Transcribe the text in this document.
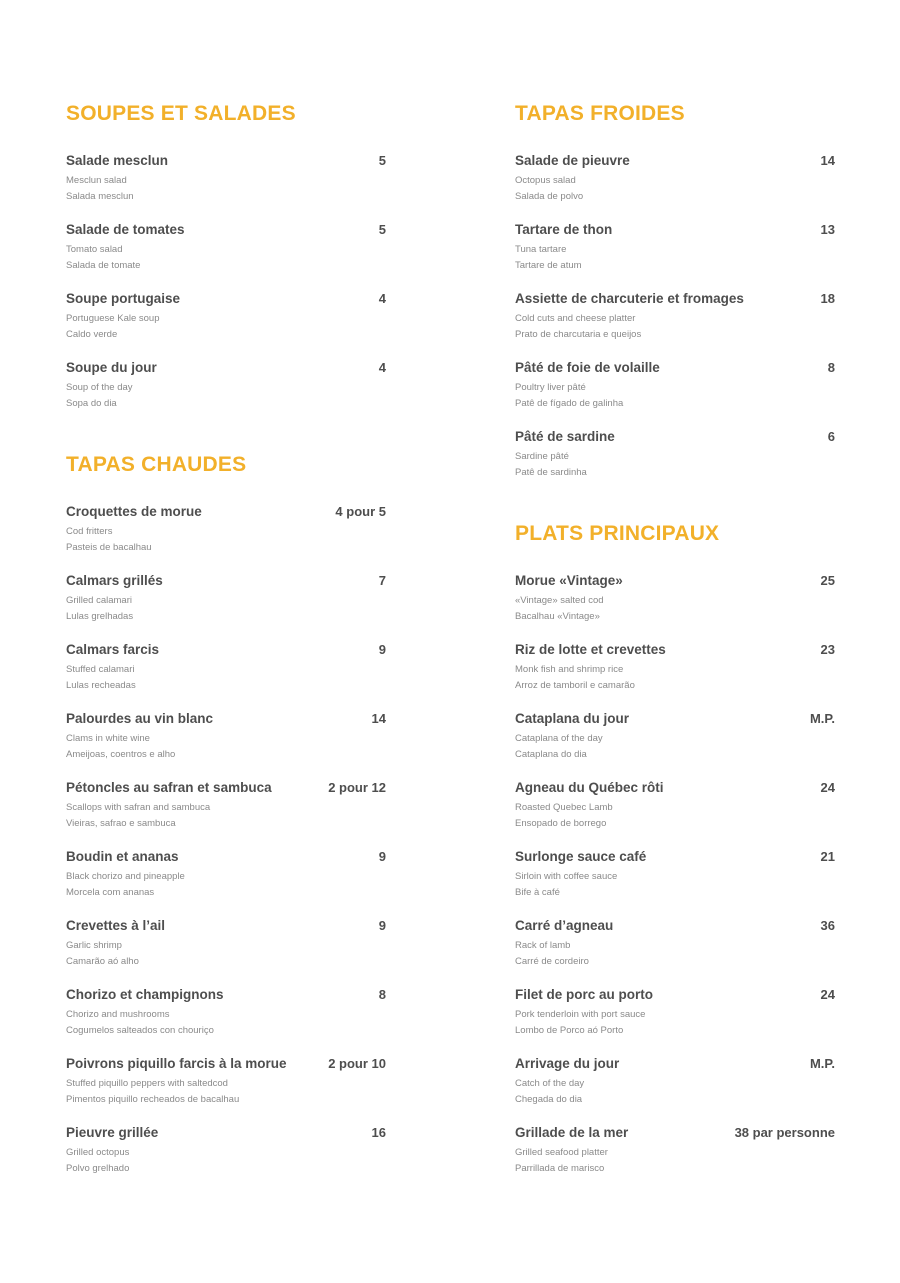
SOUPES ET SALADES
Salade mesclun	5
Mesclun salad
Salada mesclun
Salade de tomates	5
Tomato salad
Salada de tomate
Soupe portugaise	4
Portuguese Kale soup
Caldo verde
Soupe du jour	4
Soup of the day
Sopa do dia
TAPAS CHAUDES
Croquettes de morue	4 pour 5
Cod fritters
Pasteis de bacalhau
Calmars grillés	7
Grilled calamari
Lulas grelhadas
Calmars farcis	9
Stuffed calamari
Lulas recheadas
Palourdes au vin blanc	14
Clams in white wine
Ameijoas, coentros e alho
Pétoncles au safran et sambuca	2 pour 12
Scallops with safran and sambuca
Vieiras, safrao e sambuca
Boudin et ananas	9
Black chorizo and pineapple
Morcela com ananas
Crevettes à l’ail	9
Garlic shrimp
Camarão aó alho
Chorizo et champignons	8
Chorizo and mushrooms
Cogumelos salteados con chouriço
Poivrons piquillo farcis à la morue	2 pour 10
Stuffed piquillo peppers with saltedcod
Pimentos piquillo recheados de bacalhau
Pieuvre grillée	16
Grilled octopus
Polvo grelhado
TAPAS FROIDES
Salade de pieuvre	14
Octopus salad
Salada de polvo
Tartare de thon	13
Tuna tartare
Tartare de atum
Assiette de charcuterie et fromages	18
Cold cuts and cheese platter
Prato de charcutaria e queijos
Pâté de foie de volaille	8
Poultry liver pâté
Patê de fígado de galinha
Pâté de sardine	6
Sardine pâté
Patê de sardinha
PLATS PRINCIPAUX
Morue «Vintage»	25
«Vintage» salted cod
Bacalhau «Vintage»
Riz de lotte et crevettes	23
Monk fish and shrimp rice
Arroz de tamboril e camarão
Cataplana du jour	M.P.
Cataplana of the day
Cataplana do dia
Agneau du Québec rôti	24
Roasted Quebec Lamb
Ensopado de borrego
Surlonge sauce café	21
Sirloin with coffee sauce
Bife à café
Carré d’agneau	36
Rack of lamb
Carré de cordeiro
Filet de porc au porto	24
Pork tenderloin with port sauce
Lombo de Porco aó Porto
Arrivage du jour	M.P.
Catch of the day
Chegada do dia
Grillade de la mer	38 par personne
Grilled seafood platter
Parrillada de marisco
